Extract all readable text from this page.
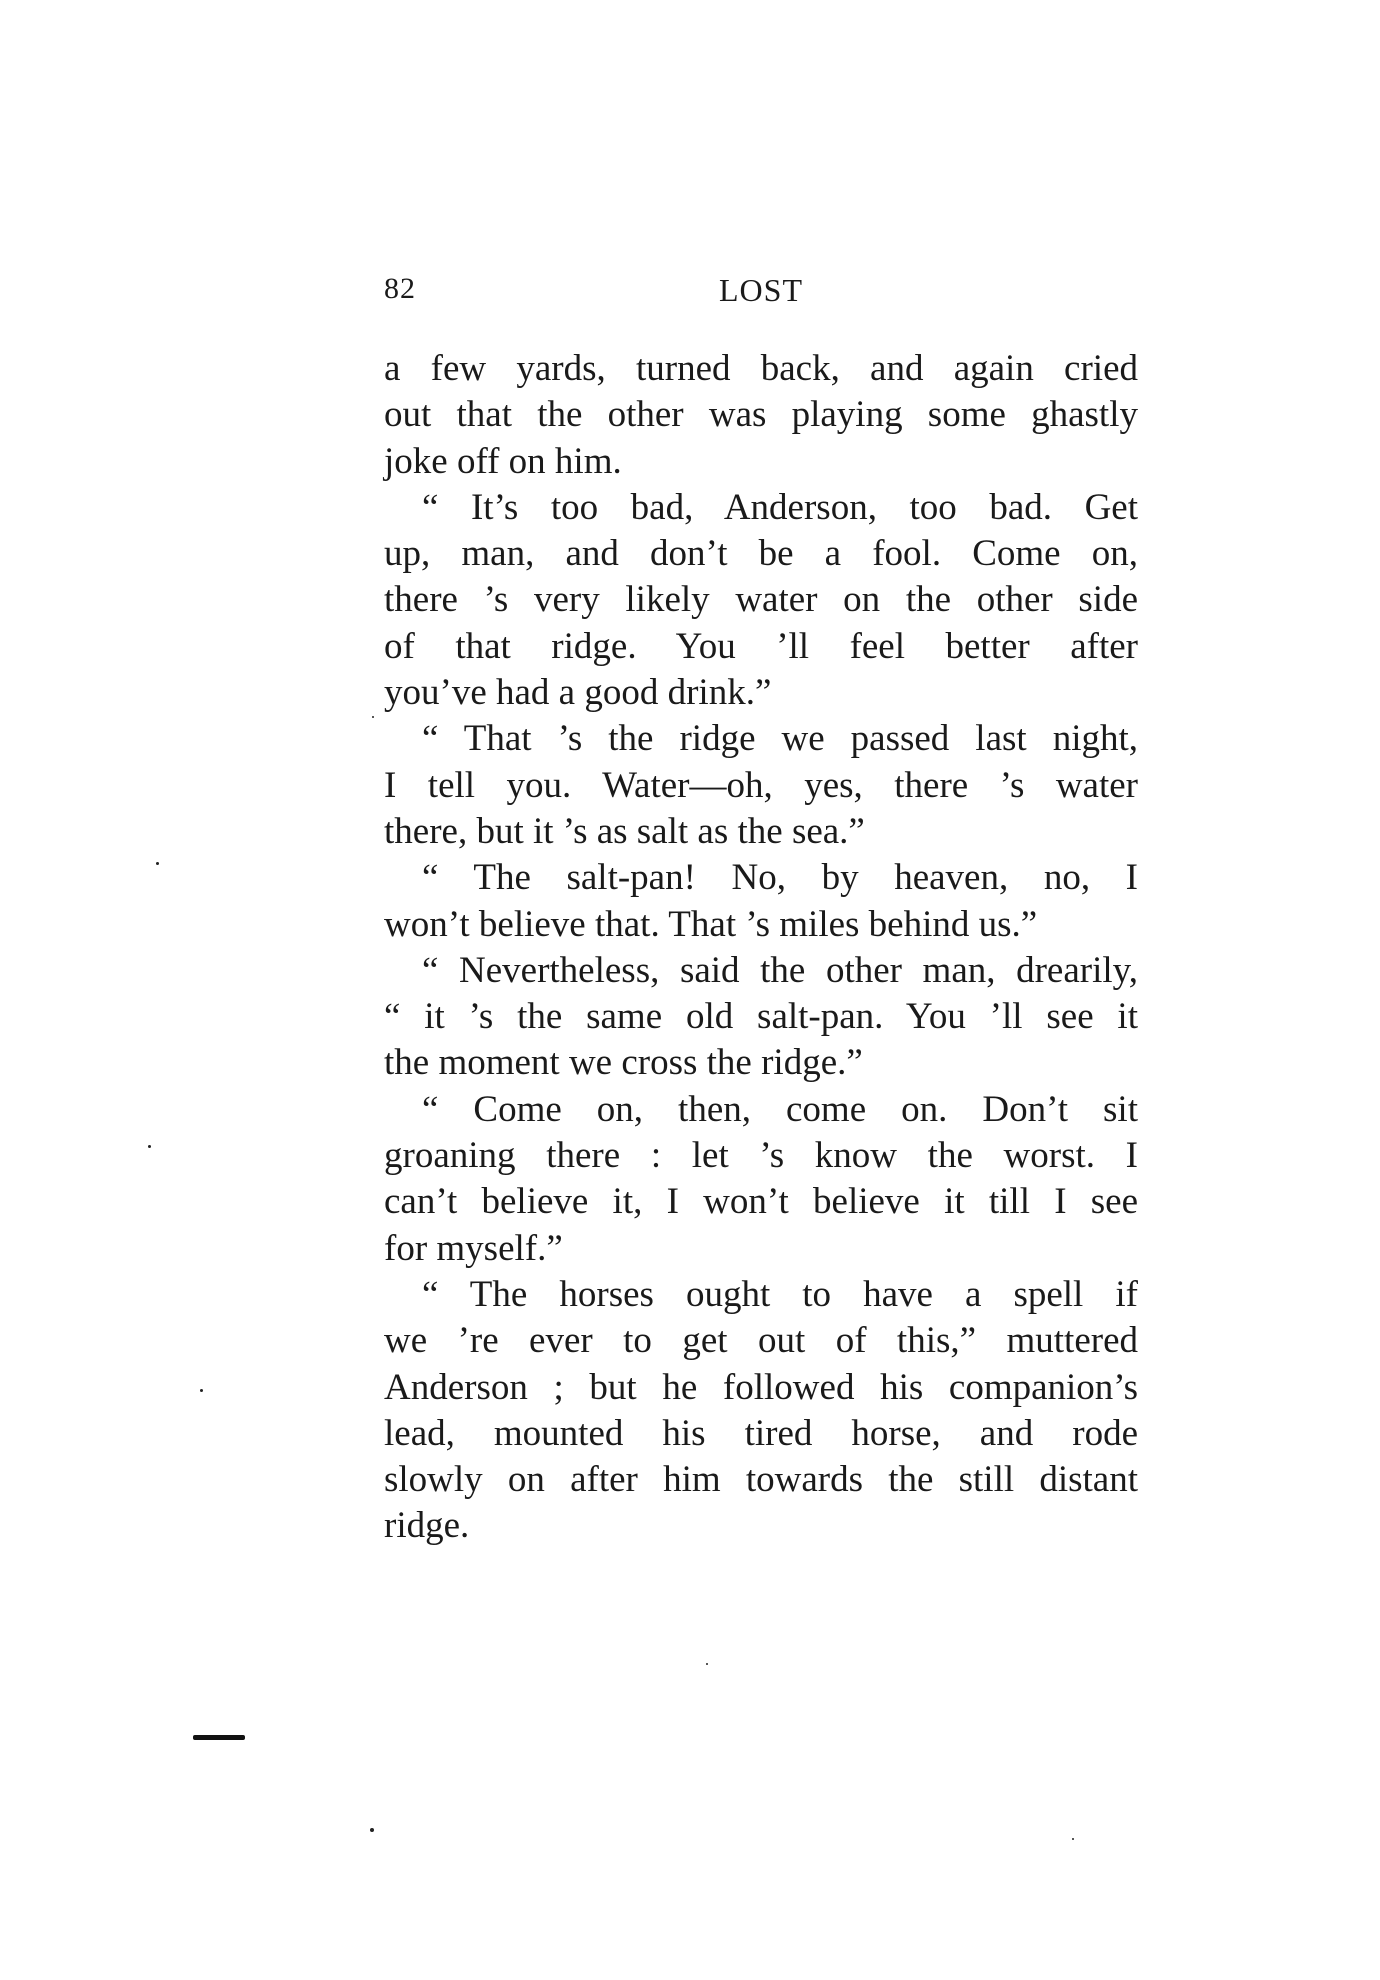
82	LOST
a few yards, turned back, and again cried
out that the other was playing some ghastly
joke off on him.
“ It’s too bad, Anderson, too bad. Get
up, man, and don’t be a fool. Come on,
there ’s very likely water on the other side
of that ridge. You ’ll feel better after
you’ve had a good drink.”
“ That ’s the ridge we passed last night,
I tell you. Water—oh, yes, there ’s water
there, but it ’s as salt as the sea.”
“ The salt-pan! No, by heaven, no, I
won’t believe that. That ’s miles behind us.”
“ Nevertheless, said the other man, drearily,
“ it ’s the same old salt-pan. You ’ll see it
the moment we cross the ridge.”
“ Come on, then, come on. Don’t sit
groaning there : let ’s know the worst. I
can’t believe it, I won’t believe it till I see
for myself.”
“ The horses ought to have a spell if
we ’re ever to get out of this,” muttered
Anderson ; but he followed his companion’s
lead, mounted his tired horse, and rode
slowly on after him towards the still distant
ridge.
